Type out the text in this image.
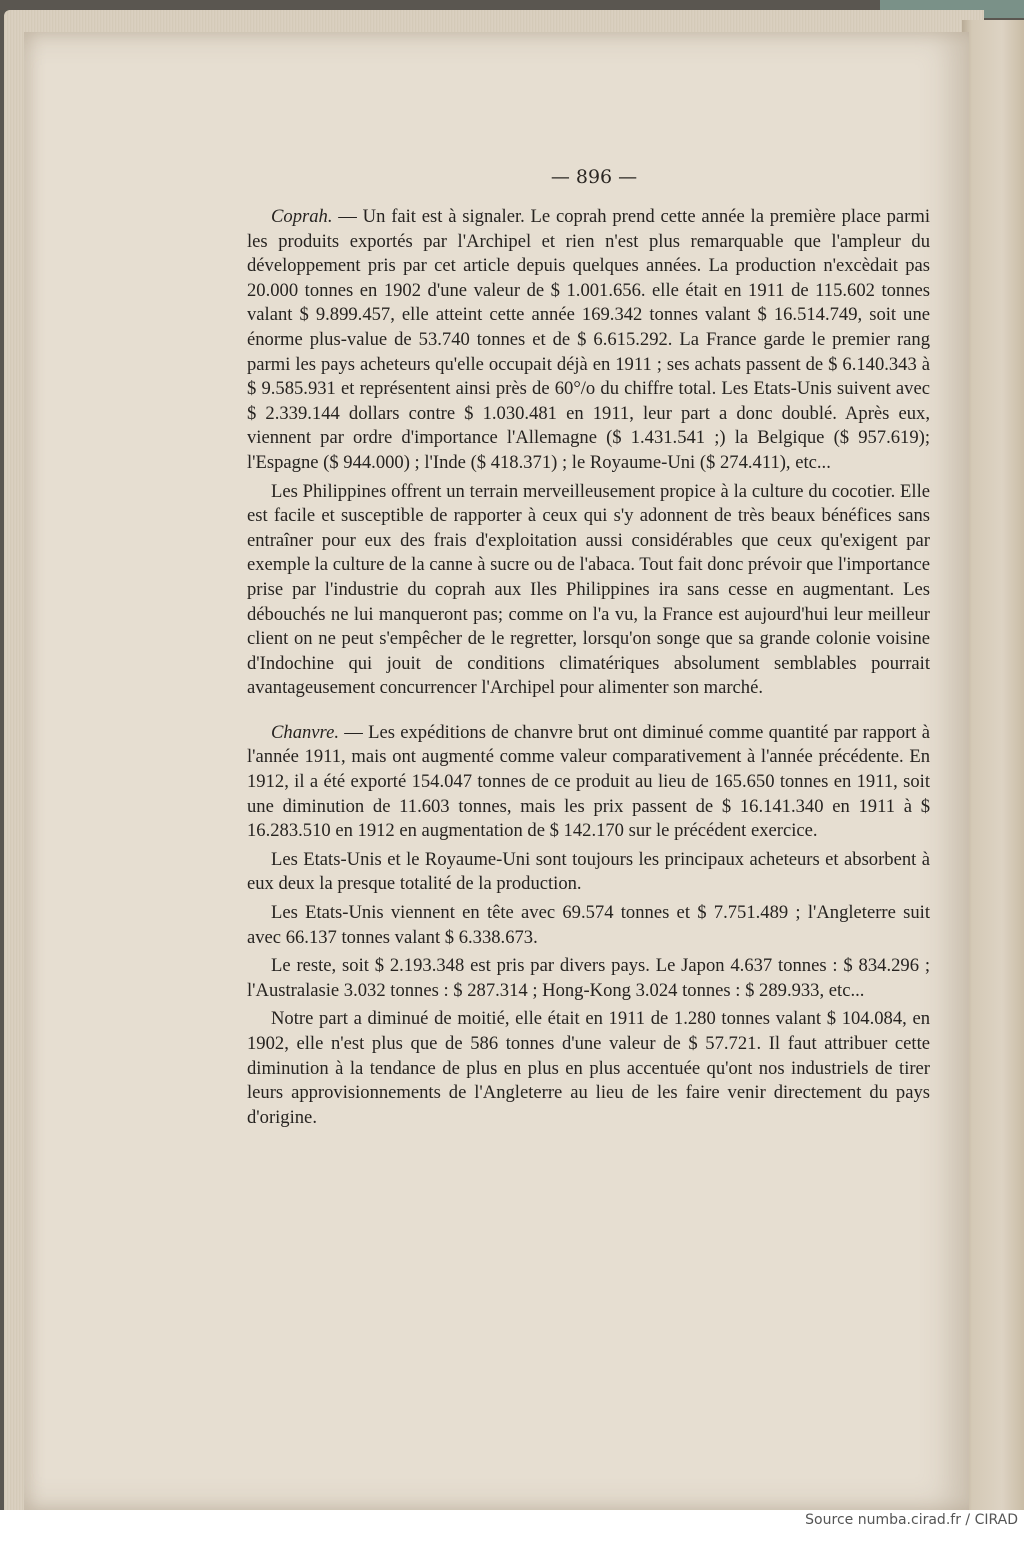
— 896 —

Coprah. — Un fait est à signaler. Le coprah prend cette année la première place parmi les produits exportés par l'Archipel et rien n'est plus remarquable que l'ampleur du développement pris par cet article depuis quelques années. La production n'excèdait pas 20.000 tonnes en 1902 d'une valeur de $ 1.001.656. elle était en 1911 de 115.602 tonnes valant $ 9.899.457, elle atteint cette année 169.342 tonnes valant $ 16.514.749, soit une énorme plus-value de 53.740 tonnes et de $ 6.615.292. La France garde le premier rang parmi les pays acheteurs qu'elle occupait déjà en 1911 ; ses achats passent de $ 6.140.343 à $ 9.585.931 et représentent ainsi près de 60°/o du chiffre total. Les Etats-Unis suivent avec $ 2.339.144 dollars contre $ 1.030.481 en 1911, leur part a donc doublé. Après eux, viennent par ordre d'importance l'Allemagne ($ 1.431.541 ;) la Belgique ($ 957.619); l'Espagne ($ 944.000) ; l'Inde ($ 418.371) ; le Royaume-Uni ($ 274.411), etc...

Les Philippines offrent un terrain merveilleusement propice à la culture du cocotier. Elle est facile et susceptible de rapporter à ceux qui s'y adonnent de très beaux bénéfices sans entraîner pour eux des frais d'exploitation aussi considérables que ceux qu'exigent par exemple la culture de la canne à sucre ou de l'abaca. Tout fait donc prévoir que l'importance prise par l'industrie du coprah aux Iles Philippines ira sans cesse en augmentant. Les débouchés ne lui manqueront pas; comme on l'a vu, la France est aujourd'hui leur meilleur client on ne peut s'empêcher de le regretter, lorsqu'on songe que sa grande colonie voisine d'Indochine qui jouit de conditions climatériques absolument semblables pourrait avantageusement concurrencer l'Archipel pour alimenter son marché.

Chanvre. — Les expéditions de chanvre brut ont diminué comme quantité par rapport à l'année 1911, mais ont augmenté comme valeur comparativement à l'année précédente. En 1912, il a été exporté 154.047 tonnes de ce produit au lieu de 165.650 tonnes en 1911, soit une diminution de 11.603 tonnes, mais les prix passent de $ 16.141.340 en 1911 à $ 16.283.510 en 1912 en augmentation de $ 142.170 sur le précédent exercice.

Les Etats-Unis et le Royaume-Uni sont toujours les principaux acheteurs et absorbent à eux deux la presque totalité de la production.

Les Etats-Unis viennent en tête avec 69.574 tonnes et $ 7.751.489 ; l'Angleterre suit avec 66.137 tonnes valant $ 6.338.673.

Le reste, soit $ 2.193.348 est pris par divers pays. Le Japon 4.637 tonnes : $ 834.296 ; l'Australasie 3.032 tonnes : $ 287.314 ; Hong-Kong 3.024 tonnes : $ 289.933, etc...

Notre part a diminué de moitié, elle était en 1911 de 1.280 tonnes valant $ 104.084, en 1902, elle n'est plus que de 586 tonnes d'une valeur de $ 57.721. Il faut attribuer cette diminution à la tendance de plus en plus en plus accentuée qu'ont nos industriels de tirer leurs approvisionnements de l'Angleterre au lieu de les faire venir directement du pays d'origine.

Source numba.cirad.fr / CIRAD
